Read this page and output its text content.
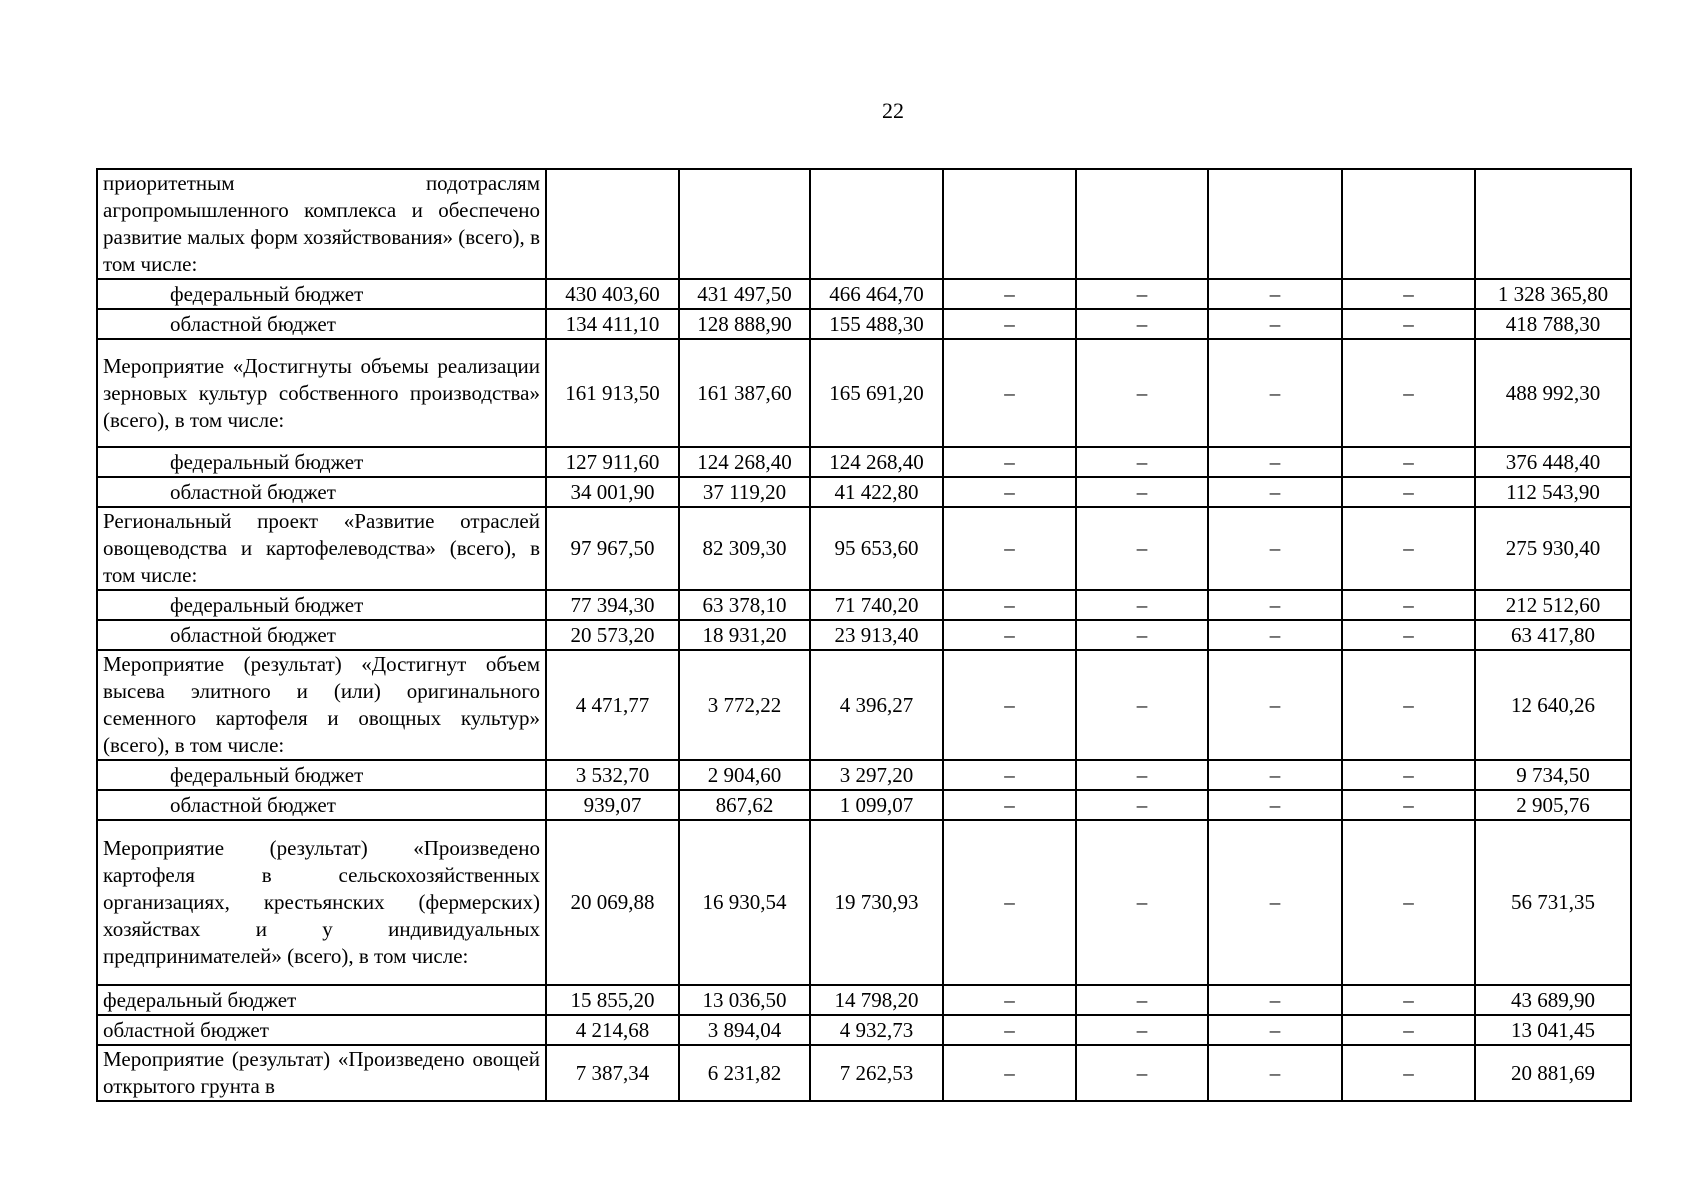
22
приоритетным подотраслям агропромышленного комплекса и обеспечено развитие малых форм хозяйствования» (всего), в том числе:								
федеральный бюджет	430 403,60	431 497,50	466 464,70	–	–	–	–	1 328 365,80
областной бюджет	134 411,10	128 888,90	155 488,30	–	–	–	–	418 788,30
Мероприятие «Достигнуты объемы реализации зерновых культур собственного производства» (всего), в том числе:	161 913,50	161 387,60	165 691,20	–	–	–	–	488 992,30
федеральный бюджет	127 911,60	124 268,40	124 268,40	–	–	–	–	376 448,40
областной бюджет	34 001,90	37 119,20	41 422,80	–	–	–	–	112 543,90
Региональный проект «Развитие отраслей овощеводства и картофелеводства» (всего), в том числе:	97 967,50	82 309,30	95 653,60	–	–	–	–	275 930,40
федеральный бюджет	77 394,30	63 378,10	71 740,20	–	–	–	–	212 512,60
областной бюджет	20 573,20	18 931,20	23 913,40	–	–	–	–	63 417,80
Мероприятие (результат) «Достигнут объем высева элитного и (или) оригинального семенного картофеля и овощных культур» (всего), в том числе:	4 471,77	3 772,22	4 396,27	–	–	–	–	12 640,26
федеральный бюджет	3 532,70	2 904,60	3 297,20	–	–	–	–	9 734,50
областной бюджет	939,07	867,62	1 099,07	–	–	–	–	2 905,76
Мероприятие (результат) «Произведено картофеля в сельскохозяйственных организациях, крестьянских (фермерских) хозяйствах и у индивидуальных предпринимателей» (всего), в том числе:	20 069,88	16 930,54	19 730,93	–	–	–	–	56 731,35
федеральный бюджет	15 855,20	13 036,50	14 798,20	–	–	–	–	43 689,90
областной бюджет	4 214,68	3 894,04	4 932,73	–	–	–	–	13 041,45
Мероприятие (результат) «Произведено овощей открытого грунта в	7 387,34	6 231,82	7 262,53	–	–	–	–	20 881,69
